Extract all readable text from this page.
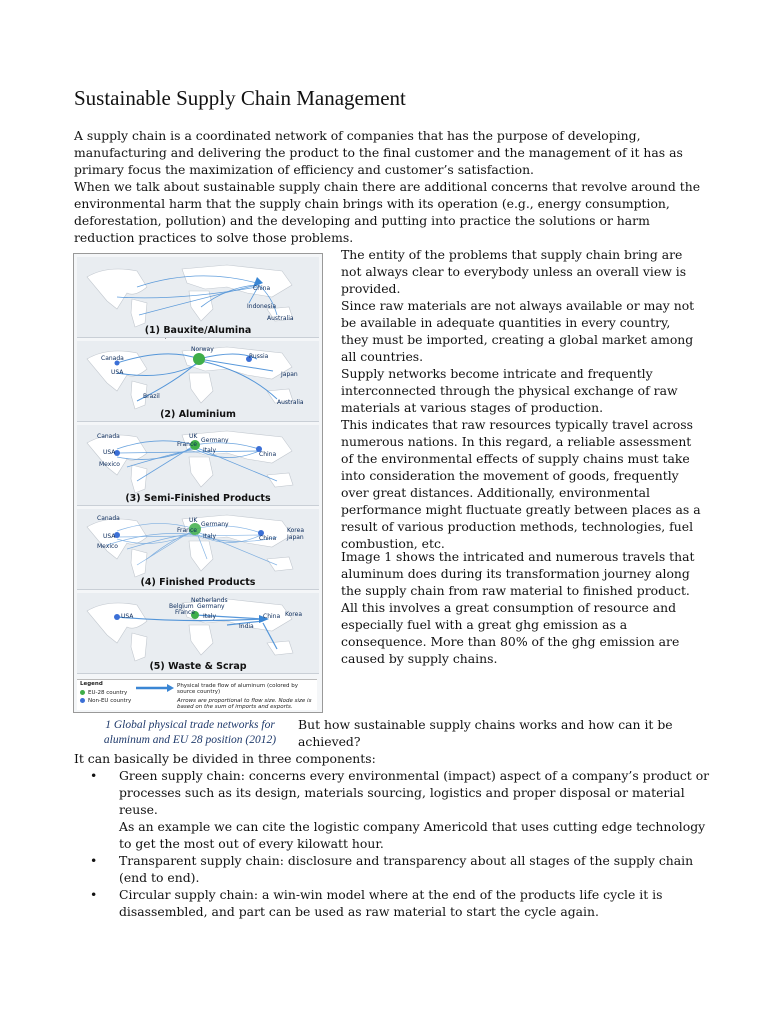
Sustainable Supply Chain Management

A supply chain is a coordinated network of companies that has the purpose of developing, manufacturing and delivering the product to the final customer and the management of it has as primary focus the maximization of efficiency and customer’s satisfaction.

When we talk about sustainable supply chain there are additional concerns that revolve around the environmental harm that the supply chain brings with its operation (e.g., energy consumption, deforestation, pollution) and the developing and putting into practice the solutions or harm reduction practices to solve those problems.

China
Indonesia
Australia
(1) Bauxite/Alumina
Canada
Norway
Russia
USA	Japan
Brazil
Australia
(2) Aluminium
Canada	UK
Germany
France
Italy
USA	China
Mexico
(3) Semi-Finished Products
Canada	UK
Germany
France
Italy
USA	China
Korea
Japan
Mexico
(4) Finished Products
Netherlands
Belgium Germany
France
Italy
USA	China Korea
India
(5) Waste & Scrap
Legend
EU-28 country
Non-EU country
Physical trade flow of aluminum (colored by source country)
Arrows are proportional to flow size. Node size is based on the sum of imports and exports.
1 Global physical trade networks for aluminum and EU 28 position (2012)

The entity of the problems that supply chain bring are not always clear to everybody unless an overall view is provided.

Since raw materials are not always available or may not be available in adequate quantities in every country, they must be imported, creating a global market among all countries.

Supply networks become intricate and frequently interconnected through the physical exchange of raw materials at various stages of production.

This indicates that raw resources typically travel across numerous nations. In this regard, a reliable assessment of the environmental effects of supply chains must take into consideration the movement of goods, frequently over great distances. Additionally, environmental performance might fluctuate greatly between places as a result of various production methods, technologies, fuel combustion, etc.

Image 1 shows the intricated and numerous travels that aluminum does during its transformation journey along the supply chain from raw material to finished product. All this involves a great consumption of resource and especially fuel with a great ghg emission as a consequence. More than 80% of the ghg emission are caused by supply chains.

But how sustainable supply chains works and how can it be achieved?

It can basically be divided in three components:

• Green supply chain: concerns every environmental (impact) aspect of a company’s product or processes such as its design, materials sourcing, logistics and proper disposal or material reuse.
As an example we can cite the logistic company Americold that uses cutting edge technology to get the most out of every kilowatt hour.
• Transparent supply chain: disclosure and transparency about all stages of the supply chain (end to end).
• Circular supply chain: a win-win model where at the end of the products life cycle it is disassembled, and part can be used as raw material to start the cycle again.
